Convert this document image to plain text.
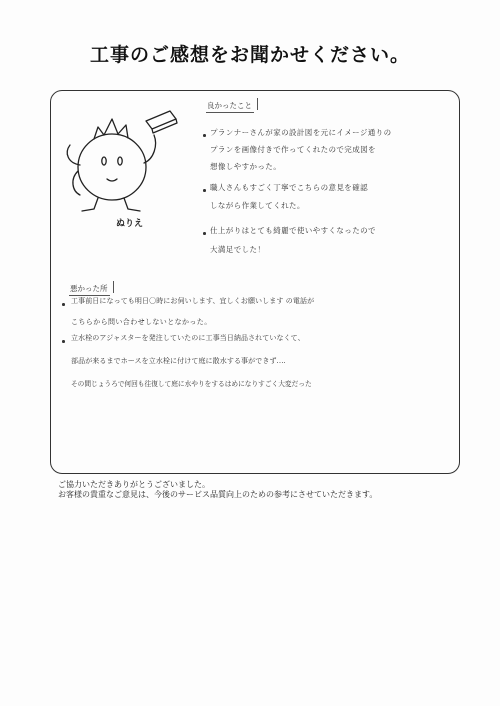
工事のご感想をお聞かせください。
ぬりえ
良かったこと
プランナーさんが家の設計図を元にイメージ通りの
プランを画像付きで作ってくれたので完成図を
想像しやすかった。
職人さんもすごく丁寧でこちらの意見を確認
しながら作業してくれた。
仕上がりはとても綺麗で使いやすくなったので
大満足でした！
悪かった所
工事前日になっても明日〇時にお伺いします、宜しくお願いします の電話が
こちらから問い合わせしないとなかった。
立水栓のアジャスターを発注していたのに工事当日納品されていなくて、
部品が来るまでホースを立水栓に付けて庭に散水する事ができず....
その間じょうろで何回も往復して庭に水やりをするはめになりすごく大変だった
ご協力いただきありがとうございました。
お客様の貴重なご意見は、今後のサービス品質向上のための参考にさせていただきます。
